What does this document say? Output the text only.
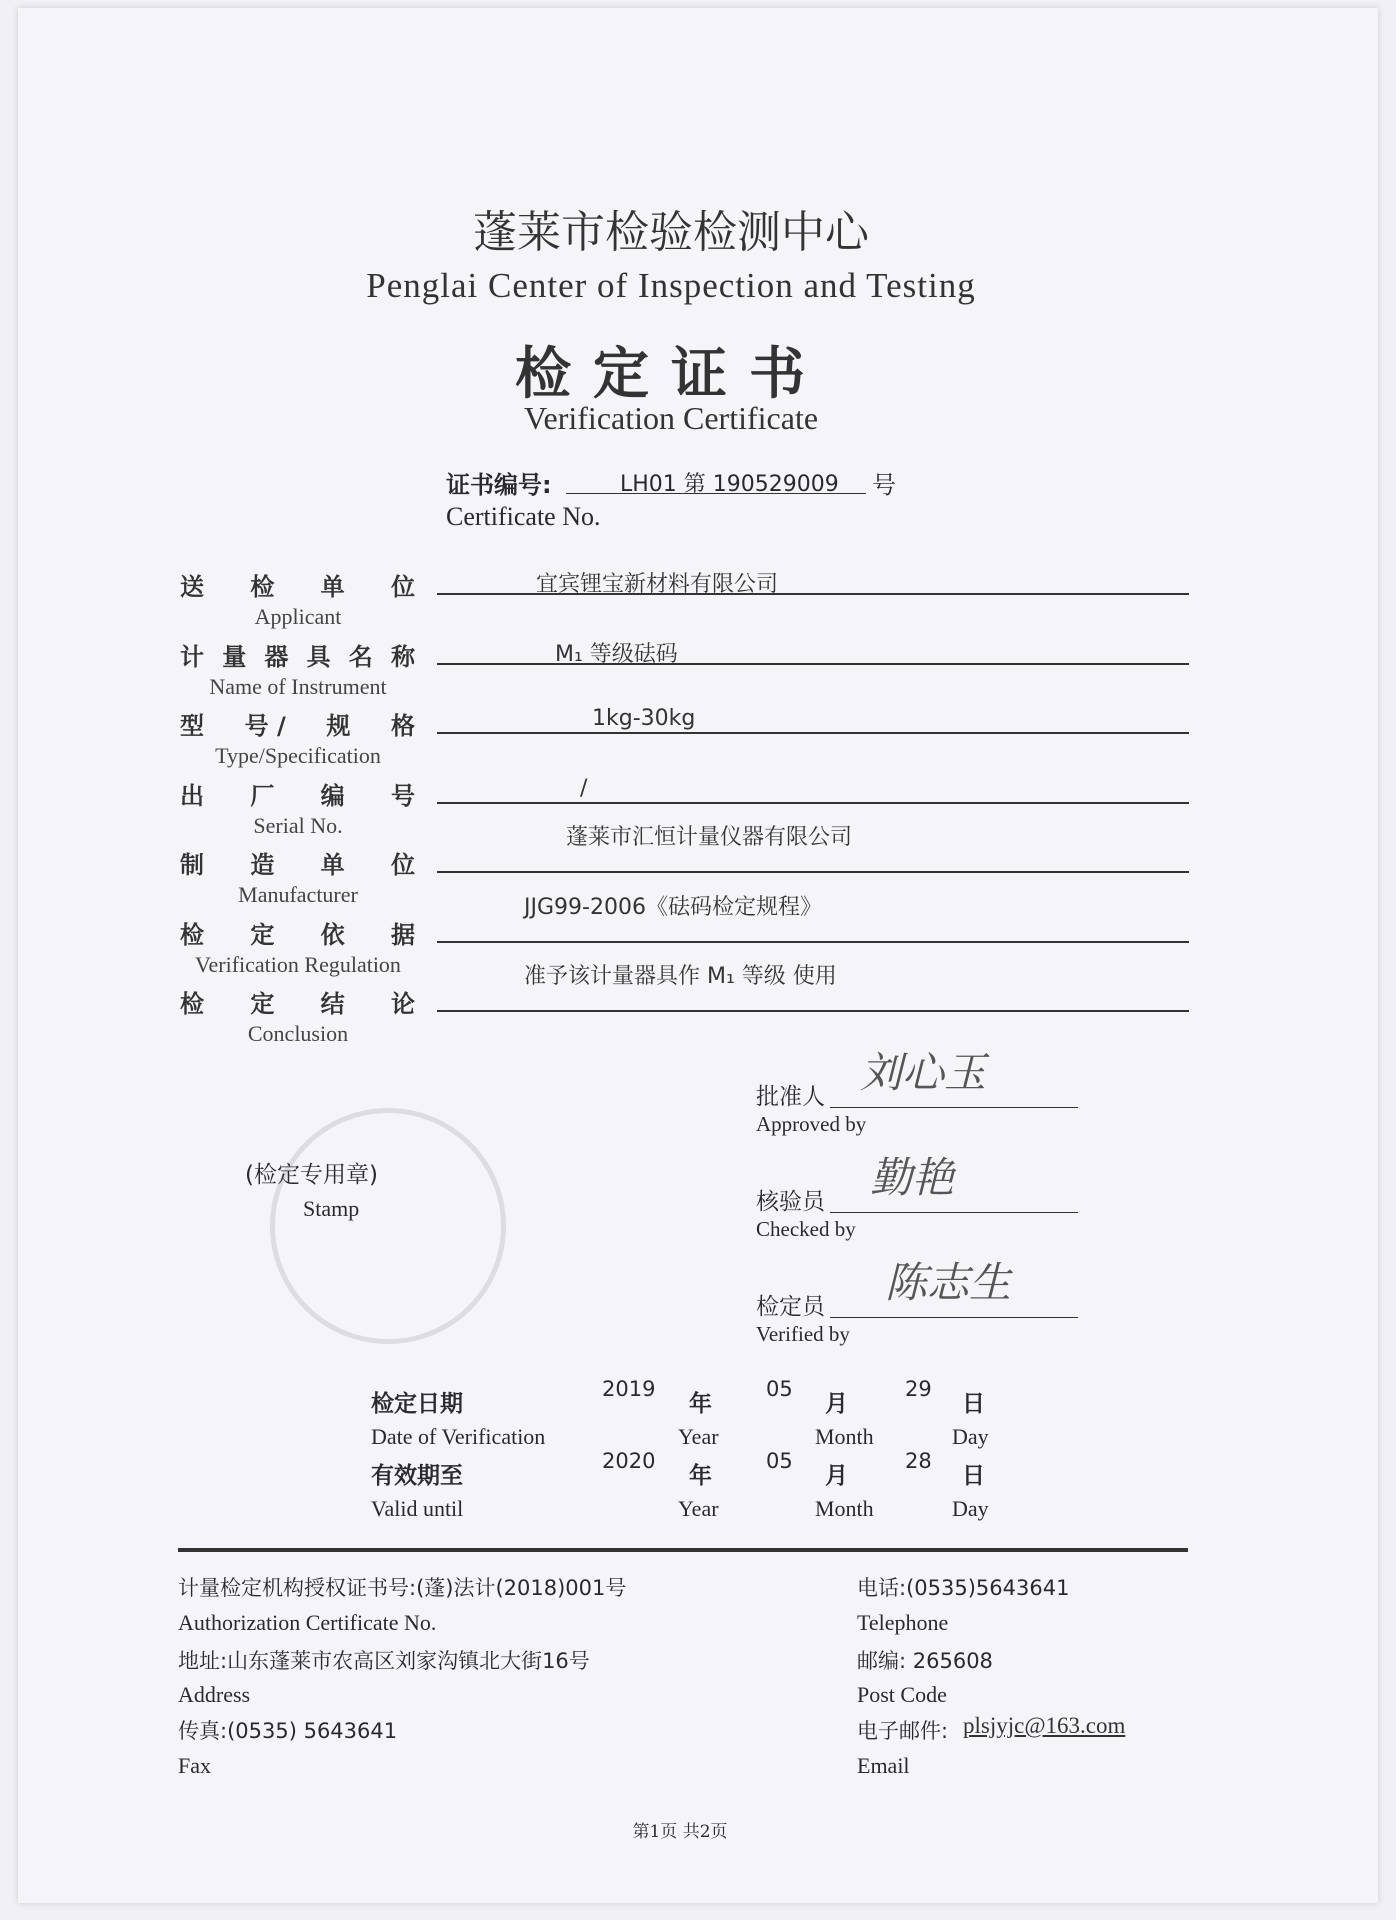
蓬莱市检验检测中心
Penglai Center of Inspection and Testing
检定证书
Verification Certificate
证书编号:	LH01 第 190529009 号
Certificate No.
送 检 单 位
Applicant
宜宾锂宝新材料有限公司
计 量 器 具 名 称
Name of Instrument
M₁ 等级砝码
型 号 / 规 格
Type/Specification
1kg-30kg
出 厂 编 号
Serial No.
/
制 造 单 位
Manufacturer
蓬莱市汇恒计量仪器有限公司
检 定 依 据
Verification Regulation
JJG99-2006《砝码检定规程》
检 定 结 论
Conclusion
准予该计量器具作 M₁ 等级 使用
(检定专用章)
Stamp
批准人 刘心玉
Approved by
核验员 勤艳
Checked by
检定员 陈志生
Verified by
检定日期
Date of Verification
2019
年
Year
05
月
Month
29
日
Day
有效期至
Valid until
2020
年
Year
05
月
Month
28
日
Day
计量检定机构授权证书号:(蓬)法计(2018)001号
Authorization Certificate No.
地址:山东蓬莱市农高区刘家沟镇北大街16号
Address
传真:(0535) 5643641
Fax
电话:(0535)5643641
Telephone
邮编: 265608
Post Code
电子邮件: plsjyjc@163.com
Email
第1页 共2页
